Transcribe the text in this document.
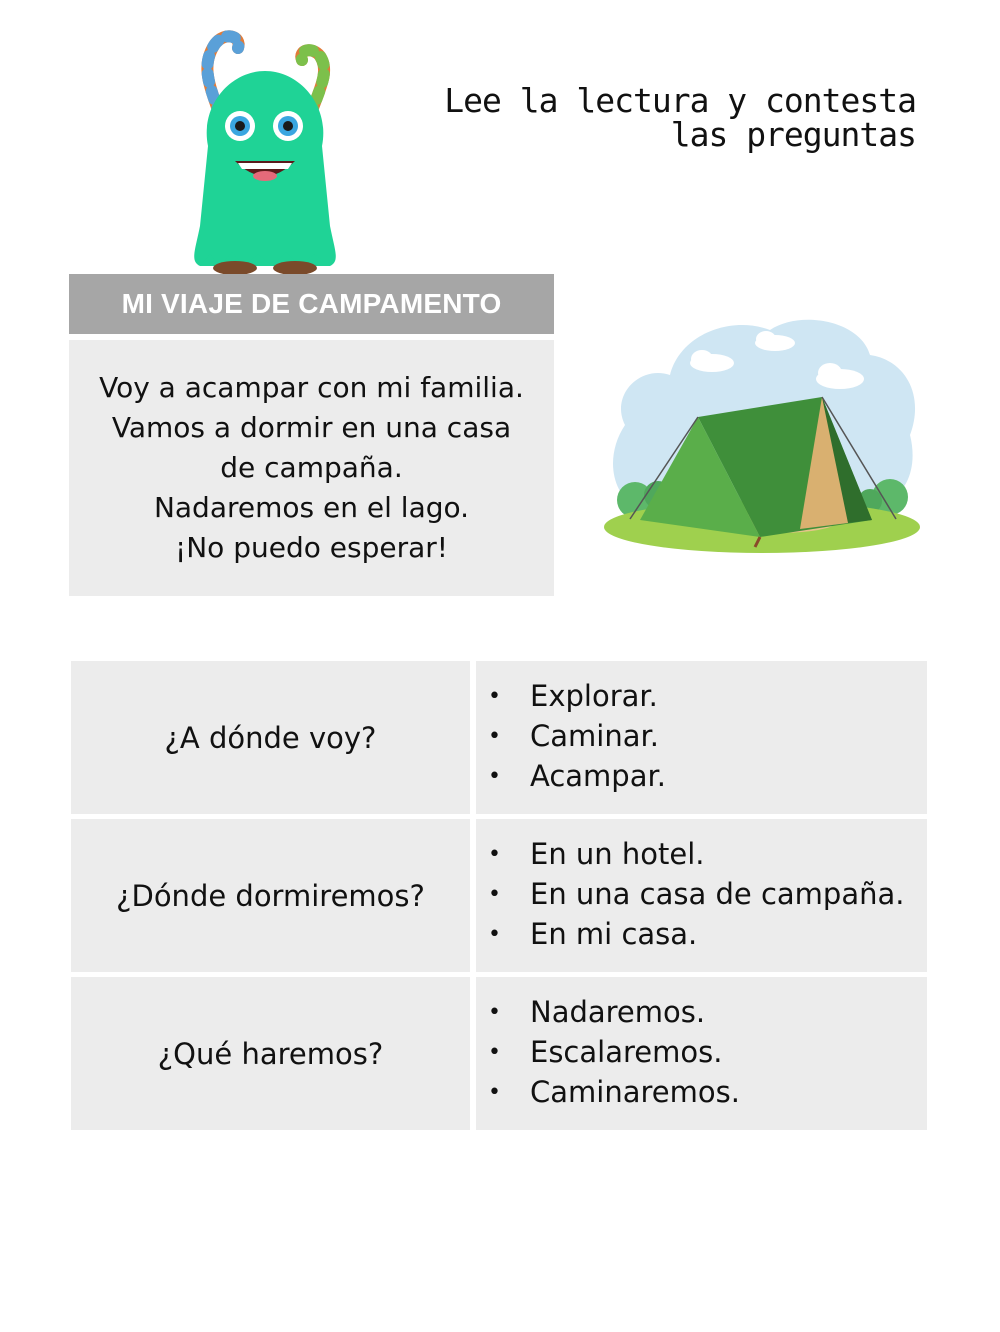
Lee la lectura y contesta
las preguntas
MI VIAJE DE CAMPAMENTO
Voy a acampar con mi familia.
Vamos a dormir en una casa
de campaña.
Nadaremos en el lago.
¡No puedo esperar!
¿A dónde voy?
•	Explorar.
•	Caminar.
•	Acampar.
¿Dónde dormiremos?
•	En un hotel.
•	En una casa de campaña.
•	En mi casa.
¿Qué haremos?
•	Nadaremos.
•	Escalaremos.
•	Caminaremos.
